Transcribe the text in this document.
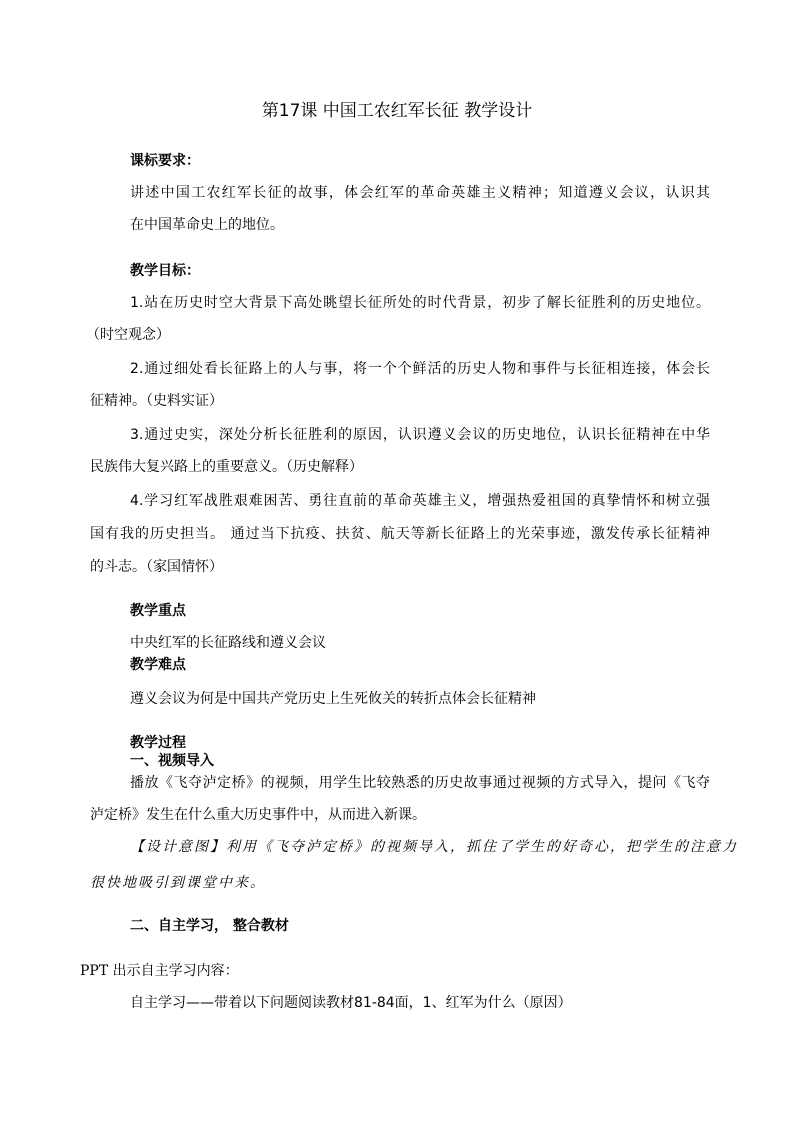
第17课 中国工农红军长征 教学设计
课标要求：
讲述中国工农红军长征的故事，体会红军的革命英雄主义精神；知道遵义会议，认识其
在中国革命史上的地位。
教学目标：
1.站在历史时空大背景下高处眺望长征所处的时代背景，初步了解长征胜利的历史地位。
（时空观念）
2.通过细处看长征路上的人与事，将一个个鲜活的历史人物和事件与长征相连接，体会长
征精神。（史料实证）
3.通过史实，深处分析长征胜利的原因，认识遵义会议的历史地位，认识长征精神在中华
民族伟大复兴路上的重要意义。（历史解释）
4.学习红军战胜艰难困苦、勇往直前的革命英雄主义，增强热爱祖国的真挚情怀和树立强
国有我的历史担当。 通过当下抗疫、扶贫、航天等新长征路上的光荣事迹，激发传承长征精神
的斗志。（家国情怀）
教学重点
中央红军的长征路线和遵义会议
教学难点
遵义会议为何是中国共产党历史上生死攸关的转折点体会长征精神
教学过程
一、视频导入
播放《飞夺泸定桥》的视频，用学生比较熟悉的历史故事通过视频的方式导入，提问《飞夺
泸定桥》发生在什么重大历史事件中，从而进入新课。
【设计意图】利用《飞夺泸定桥》的视频导入，抓住了学生的好奇心，把学生的注意力
很快地吸引到课堂中来。
二、自主学习， 整合教材
PPT 出示自主学习内容：
自主学习——带着以下问题阅读教材81-84面，1、红军为什么（原因）
